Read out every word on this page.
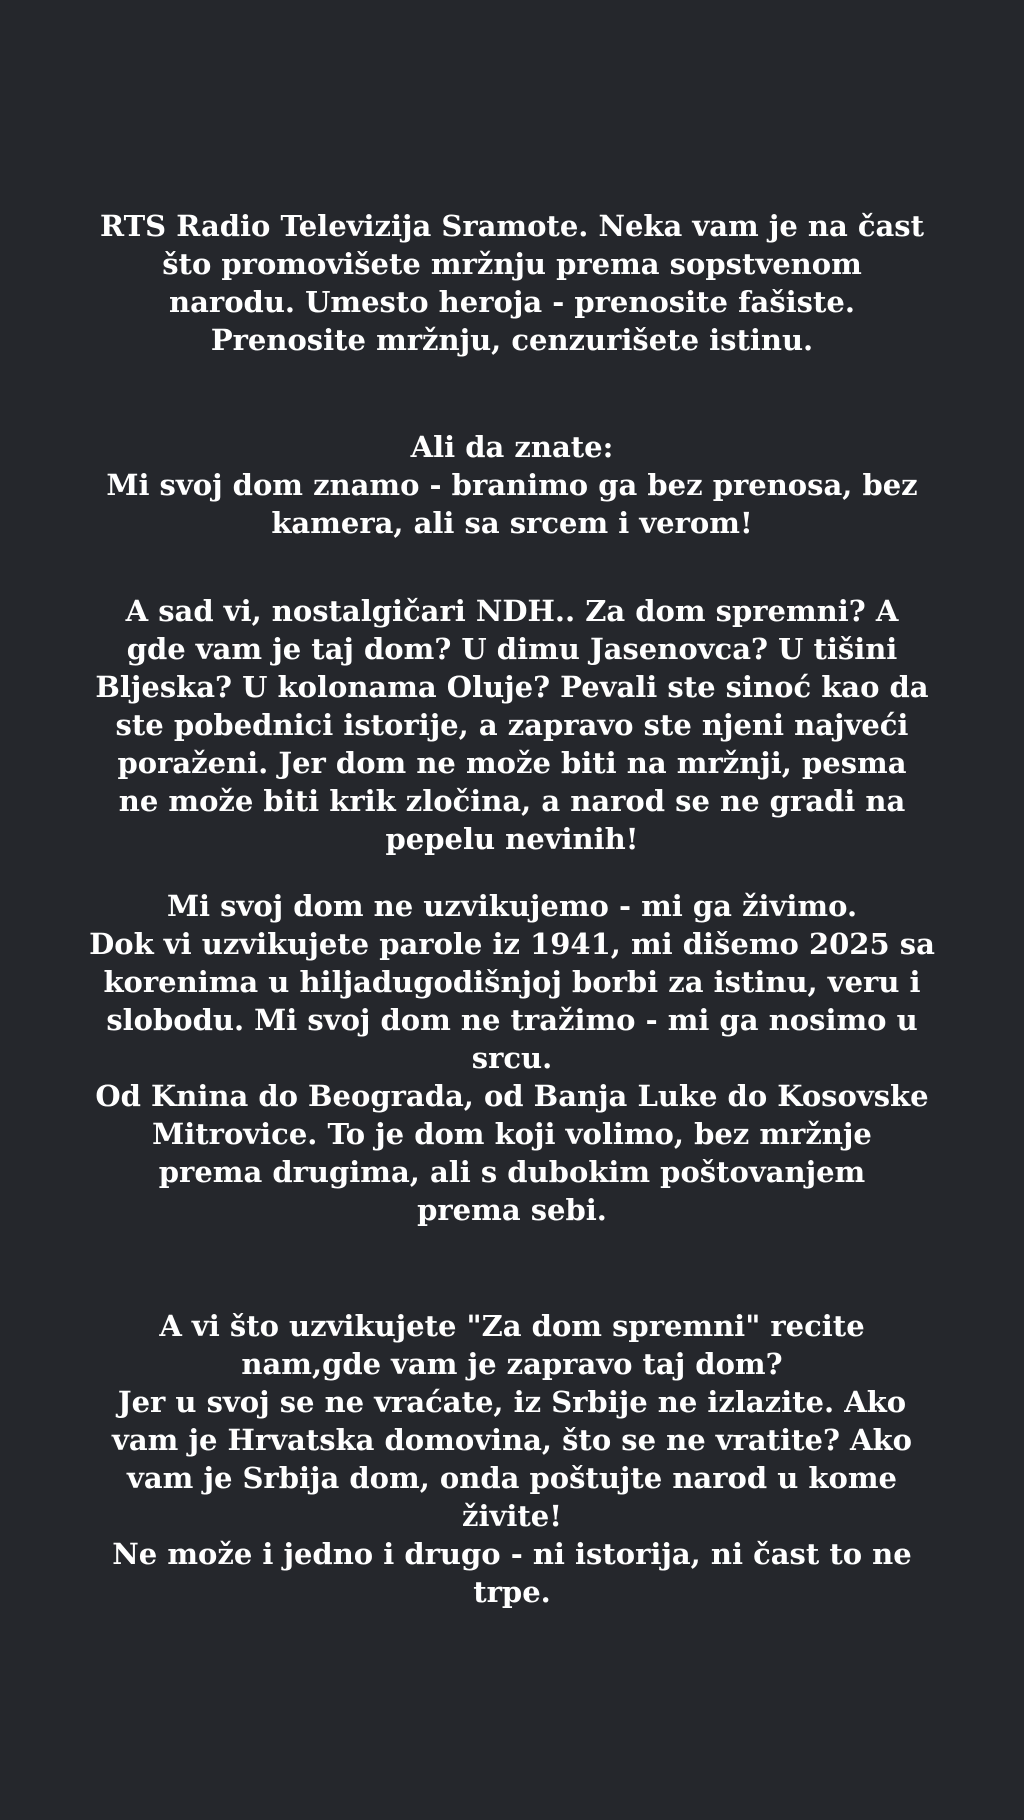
RTS Radio Televizija Sramote. Neka vam je na čast
što promovišete mržnju prema sopstvenom
narodu. Umesto heroja - prenosite fašiste.
Prenosite mržnju, cenzurišete istinu.

Ali da znate:
Mi svoj dom znamo - branimo ga bez prenosa, bez
kamera, ali sa srcem i verom!

A sad vi, nostalgičari NDH.. Za dom spremni? A
gde vam je taj dom? U dimu Jasenovca? U tišini
Bljeska? U kolonama Oluje? Pevali ste sinoć kao da
ste pobednici istorije, a zapravo ste njeni najveći
poraženi. Jer dom ne može biti na mržnji, pesma
ne može biti krik zločina, a narod se ne gradi na
pepelu nevinih!

Mi svoj dom ne uzvikujemo - mi ga živimo.
Dok vi uzvikujete parole iz 1941, mi dišemo 2025 sa
korenima u hiljadugodišnjoj borbi za istinu, veru i
slobodu. Mi svoj dom ne tražimo - mi ga nosimo u
srcu.
Od Knina do Beograda, od Banja Luke do Kosovske
Mitrovice. To je dom koji volimo, bez mržnje
prema drugima, ali s dubokim poštovanjem
prema sebi.

A vi što uzvikujete "Za dom spremni" recite
nam,gde vam je zapravo taj dom?
Jer u svoj se ne vraćate, iz Srbije ne izlazite. Ako
vam je Hrvatska domovina, što se ne vratite? Ako
vam je Srbija dom, onda poštujte narod u kome
živite!
Ne može i jedno i drugo - ni istorija, ni čast to ne
trpe.
